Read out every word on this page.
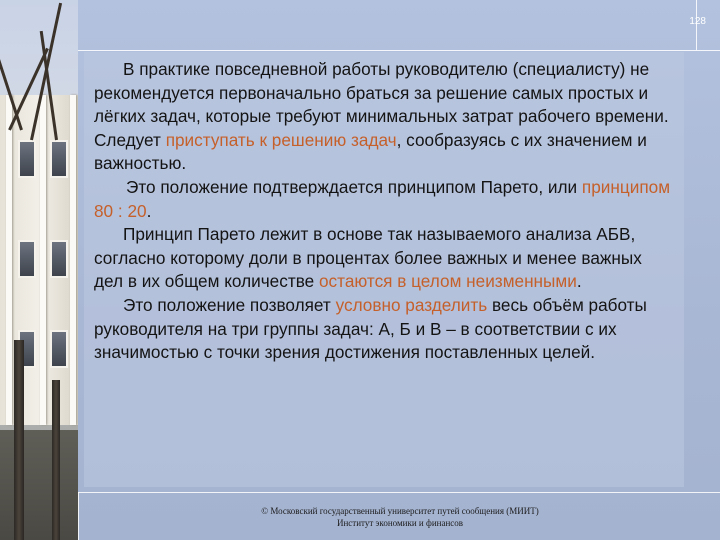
128

В практике повседневной работы руководителю (специалисту) не рекомендуется первоначально браться за решение самых простых и лёгких задач, которые требуют минимальных затрат рабочего времени. Следует приступать к решению задач, сообразуясь с их значением и важностью.

Это положение подтверждается принципом Парето, или принципом 80 : 20.

Принцип Парето лежит в основе так называемого анализа АБВ, согласно которому доли в процентах более важных и менее важных дел в их общем количестве остаются в целом неизменными.

Это положение позволяет условно разделить весь объём работы руководителя на три группы задач: А, Б и В – в соответствии с их значимостью с точки зрения достижения поставленных целей.

© Московский государственный университет путей сообщения (МИИТ)
Институт экономики и финансов
